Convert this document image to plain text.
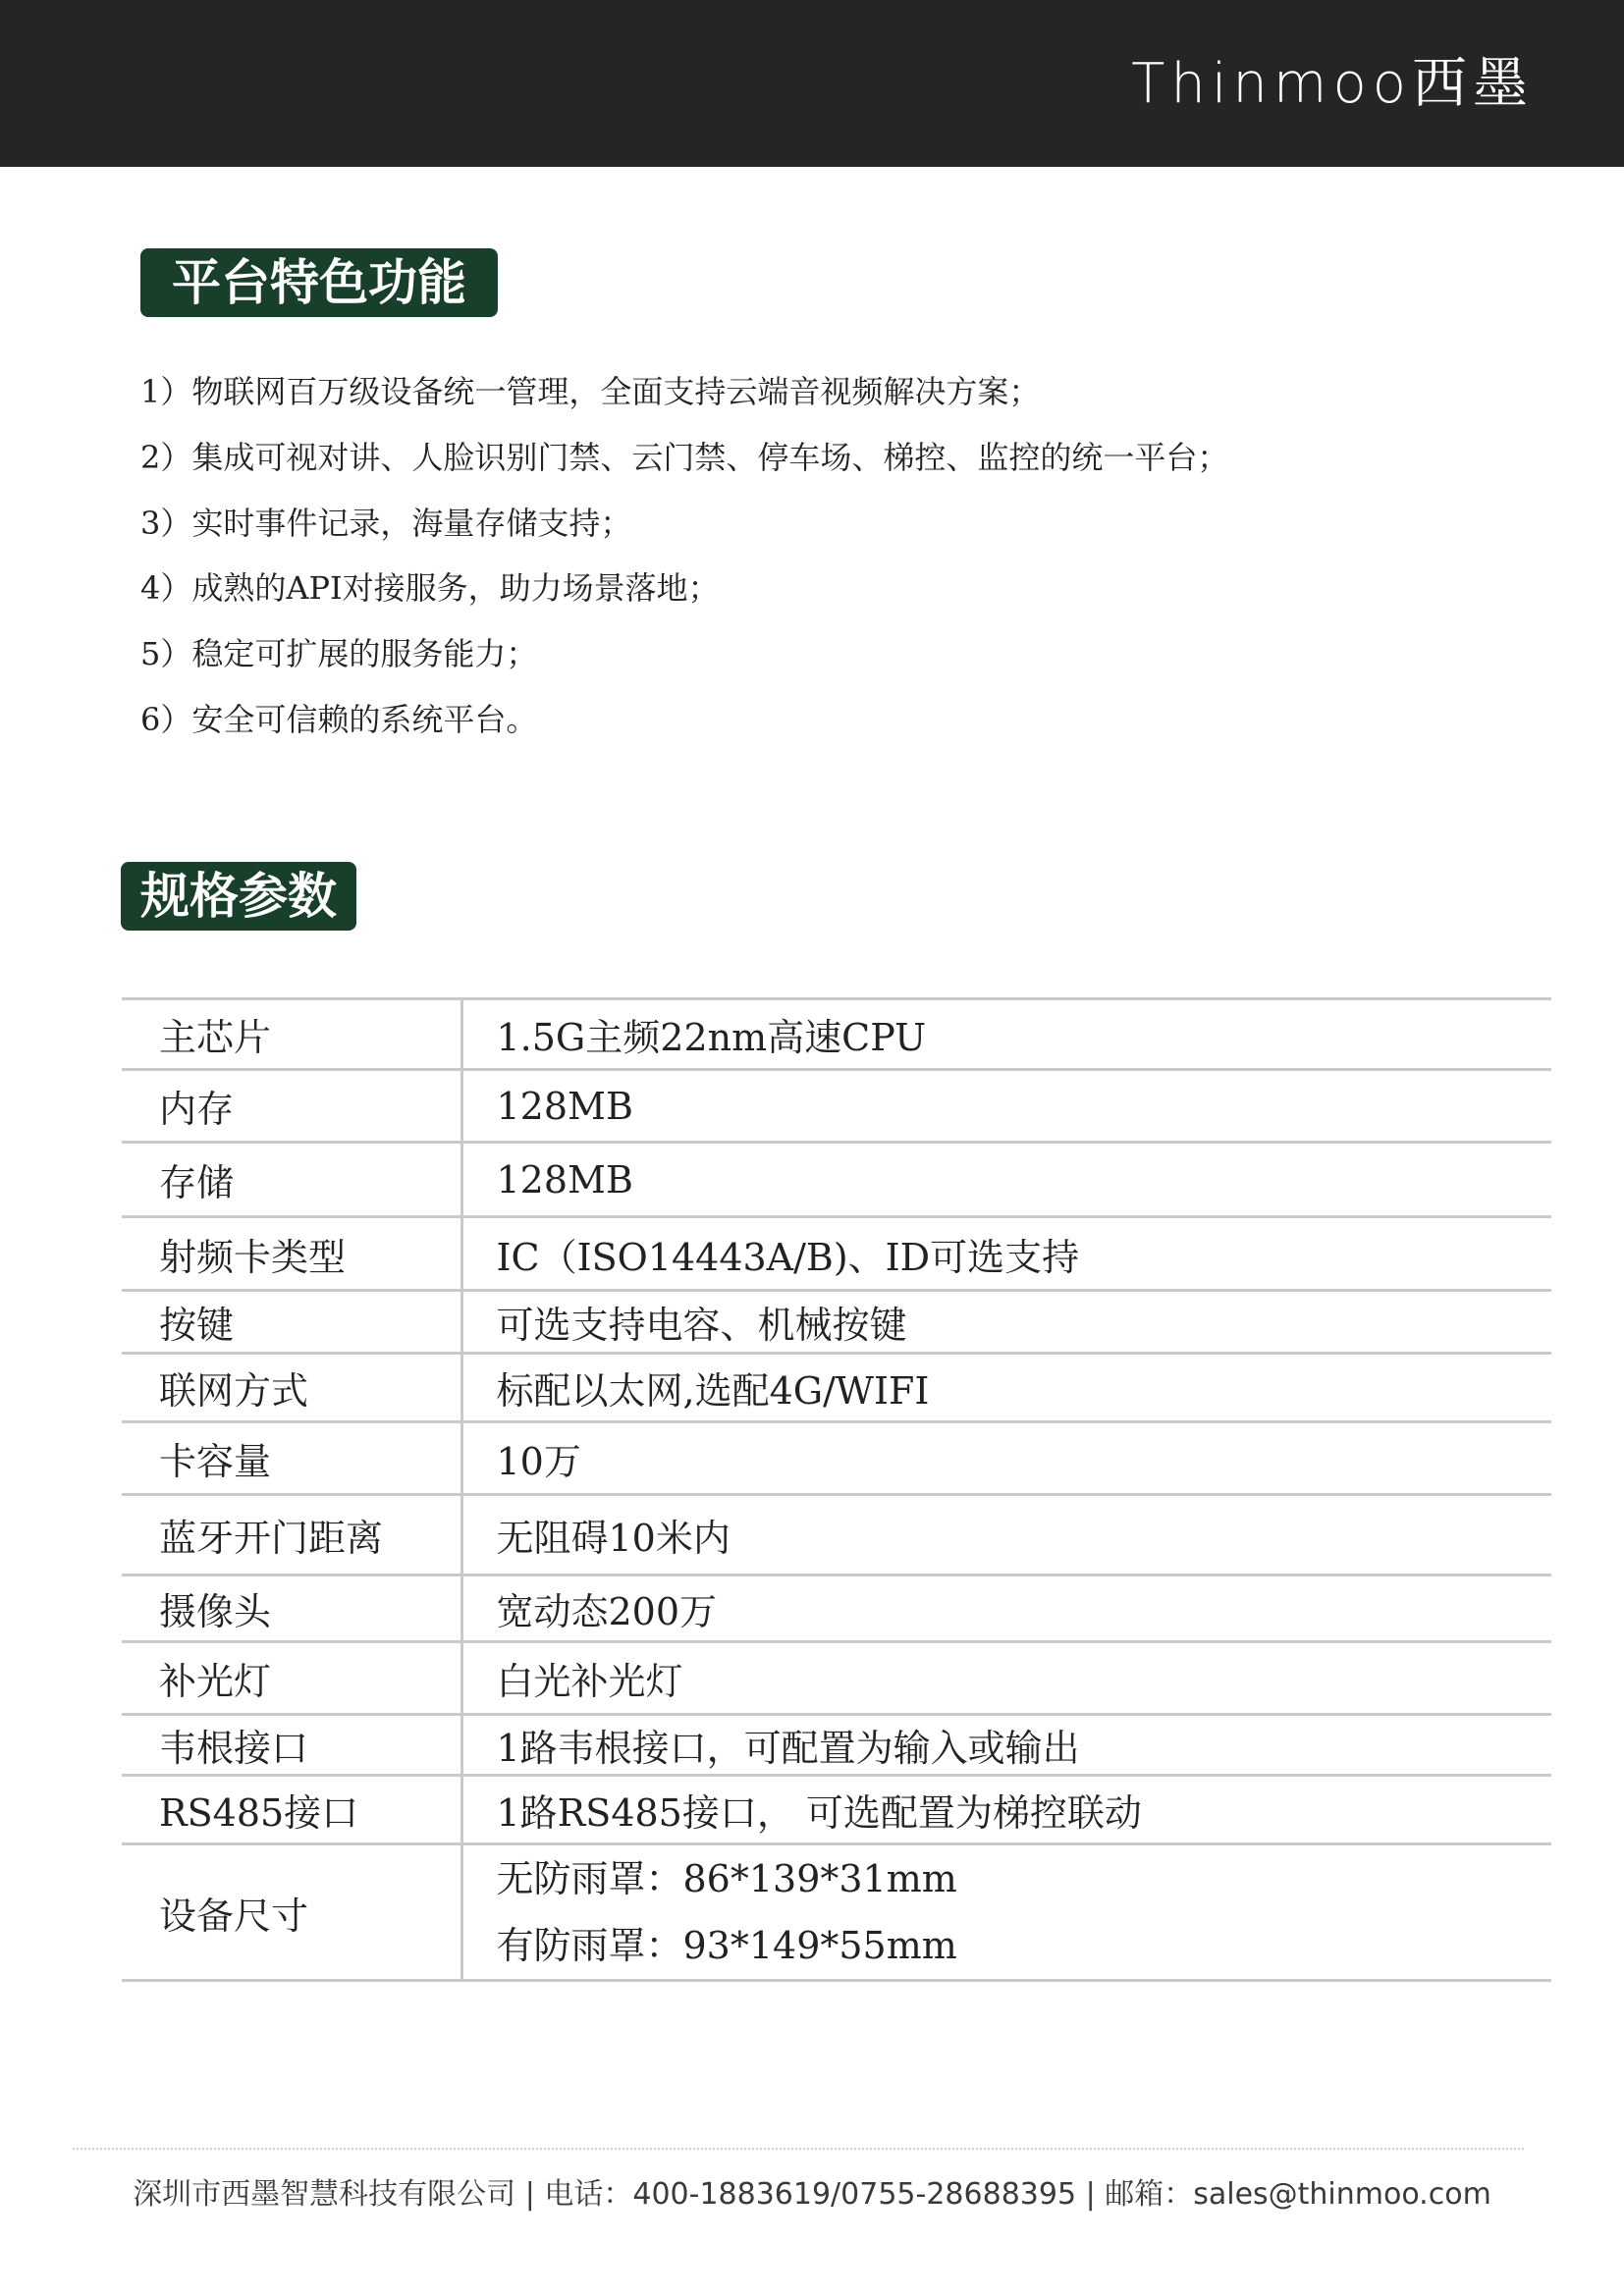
Thinmoo西墨
平台特色功能
1）物联网百万级设备统一管理，全面支持云端音视频解决方案；
2）集成可视对讲、人脸识别门禁、云门禁、停车场、梯控、监控的统一平台；
3）实时事件记录，海量存储支持；
4）成熟的API对接服务，助力场景落地；
5）稳定可扩展的服务能力；
6）安全可信赖的系统平台。
规格参数
主芯片	1.5G主频22nm高速CPU
内存	128MB
存储	128MB
射频卡类型	IC（ISO14443A/B)、ID可选支持
按键	可选支持电容、机械按键
联网方式	标配以太网,选配4G/WIFI
卡容量	10万
蓝牙开门距离	无阻碍10米内
摄像头	宽动态200万
补光灯	白光补光灯
韦根接口	1路韦根接口，可配置为输入或输出
RS485接口	1路RS485接口， 可选配置为梯控联动
设备尺寸	无防雨罩：86*139*31mm
有防雨罩：93*149*55mm
深圳市西墨智慧科技有限公司 | 电话：400-1883619/0755-28688395 | 邮箱：sales@thinmoo.com
